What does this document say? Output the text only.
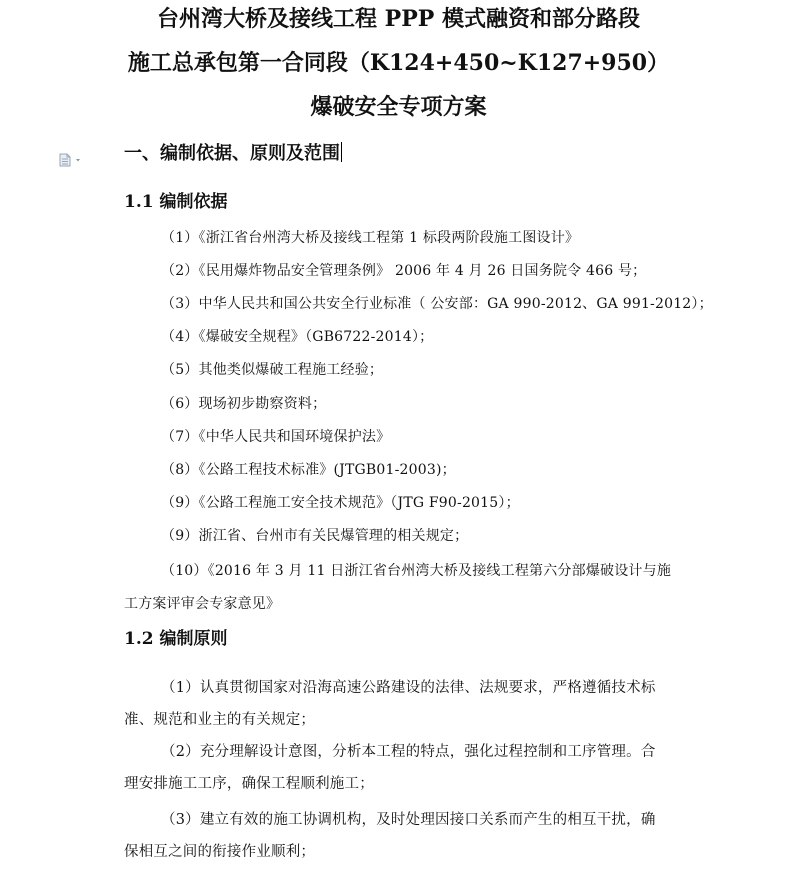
台州湾大桥及接线工程 PPP 模式融资和部分路段
施工总承包第一合同段（K124+450~K127+950）
爆破安全专项方案
一、编制依据、原则及范围
1.1 编制依据
（1）《浙江省台州湾大桥及接线工程第 1 标段两阶段施工图设计》
（2）《民用爆炸物品安全管理条例》 2006 年 4 月 26 日国务院令 466 号；
（3）中华人民共和国公共安全行业标准（ 公安部：GA 990-2012、GA 991-2012）；
（4）《爆破安全规程》（GB6722-2014）；
（5）其他类似爆破工程施工经验；
（6）现场初步勘察资料；
（7）《中华人民共和国环境保护法》
（8）《公路工程技术标准》(JTGB01-2003)；
（9）《公路工程施工安全技术规范》（JTG F90-2015）；
（9）浙江省、台州市有关民爆管理的相关规定；
（10）《2016 年 3 月 11 日浙江省台州湾大桥及接线工程第六分部爆破设计与施
工方案评审会专家意见》
1.2 编制原则
（1）认真贯彻国家对沿海高速公路建设的法律、法规要求，严格遵循技术标
准、规范和业主的有关规定；
（2）充分理解设计意图，分析本工程的特点，强化过程控制和工序管理。合
理安排施工工序，确保工程顺利施工；
（3）建立有效的施工协调机构，及时处理因接口关系而产生的相互干扰，确
保相互之间的衔接作业顺利；
